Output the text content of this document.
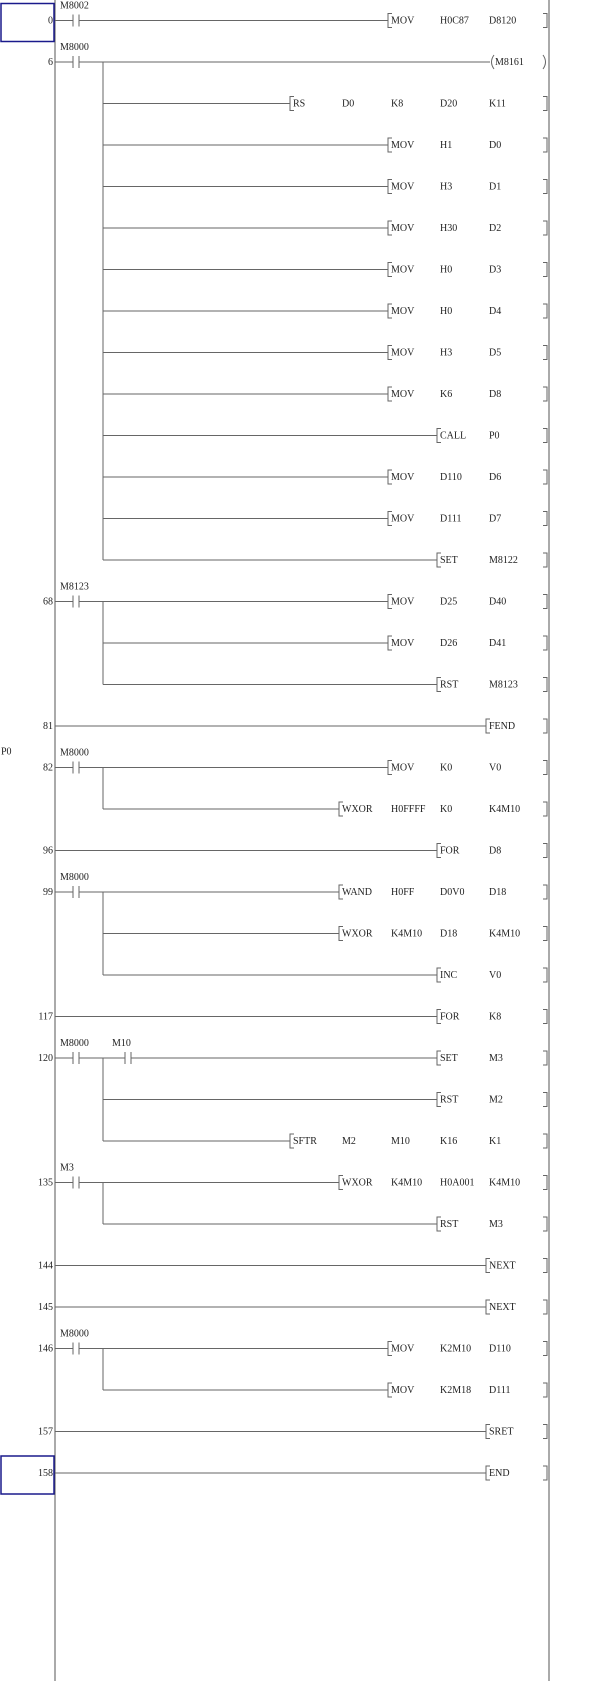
0
M8002
MOV	H0C87 D8120
6
M8000
M8161
RS	D0	K8	D20	K11
MOV	H1	D0
MOV	H3	D1
MOV	H30	D2
MOV	H0	D3
MOV	H0	D4
MOV	H3	D5
MOV	K6	D8
CALL P0
MOV	D110	D6
MOV	D111	D7
SET	M8122
68
M8123
MOV	D25	D40
MOV	D26	D41
RST	M8123
81	FEND
82
P0	M8000
MOV	K0	V0
WXOR H0FFFF K0	K4M10
96	FOR	D8
99
M8000
WAND H0FF	D0V0 D18
WXOR K4M10 D18	K4M10
INC	V0
117	FOR	K8
120
M8000 M10
SET	M3
RST	M2
SFTR	M2	M10	K16	K1
135
M3
WXOR K4M10 H0A001 K4M10
RST	M3
144	NEXT
145	NEXT
146
M8000
MOV	K2M10 D110
MOV	K2M18 D111
157	SRET
158	END
